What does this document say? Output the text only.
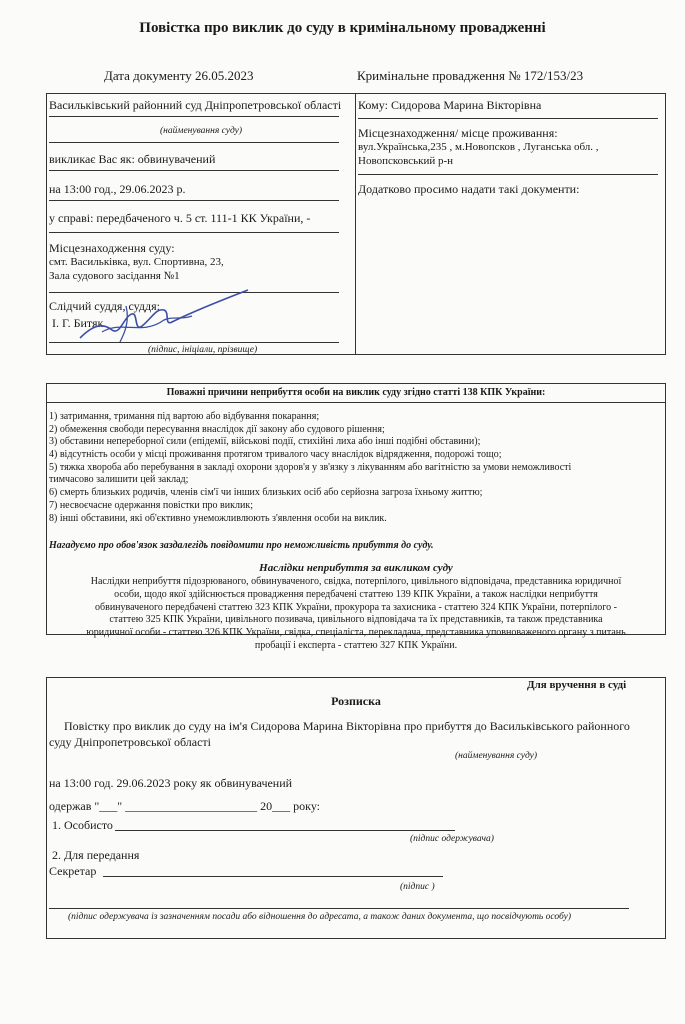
Повістка про виклик до суду в кримінальному провадженні
Дата документу 26.05.2023	Кримінальне провадження № 172/153/23
Васильківський районний суд Дніпропетровської області
(найменування суду)
викликає Вас як: обвинувачений
на 13:00 год., 29.06.2023 р.
у справі: передбаченого ч. 5 ст. 111-1 КК України, -
Місцезнаходження суду:
смт. Васильківка, вул. Спортивна, 23,
Зала судового засідання №1
Слідчий суддя, суддя:
І. Г. Битяк
(підпис, ініціали, прізвище)
Кому: Сидорова Марина Вікторівна
Місцезнаходження/ місце проживання:
вул.Українська,235 , м.Новопсков , Луганська обл. ,
Новопсковський р-н
Додатково просимо надати такі документи:
Поважні причини неприбуття особи на виклик суду згідно статті 138 КПК України:
1) затримання, тримання під вартою або відбування покарання;
2) обмеження свободи пересування внаслідок дії закону або судового рішення;
3) обставини непереборної сили (епідемії, військові події, стихійні лиха або інші подібні обставини);
4) відсутність особи у місці проживання протягом тривалого часу внаслідок відрядження, подорожі тощо;
5) тяжка хвороба або перебування в закладі охорони здоров'я у зв'язку з лікуванням або вагітністю за умови неможливості
тимчасово залишити цей заклад;
6) смерть близьких родичів, членів сім'ї чи інших близьких осіб або серйозна загроза їхньому життю;
7) несвоєчасне одержання повістки про виклик;
8) інші обставини, які об'єктивно унеможливлюють з'явлення особи на виклик.
Нагадуємо про обов'язок заздалегідь повідомити про неможливість прибуття до суду.
Наслідки неприбуття за викликом суду
Наслідки неприбуття підозрюваного, обвинуваченого, свідка, потерпілого, цивільного відповідача, представника юридичної
особи, щодо якої здійснюється провадження передбачені статтею 139 КПК України, а також наслідки неприбуття
обвинуваченого передбачені статтею 323 КПК України, прокурора та захисника - статтею 324 КПК України, потерпілого -
статтею 325 КПК України, цивільного позивача, цивільного відповідача та їх представників, та також представника
юридичної особи - статтею 326 КПК України, свідка, спеціаліста, перекладача, представника уповноваженого органу з питань
пробації і експерта - статтею 327 КПК України.
Для вручення в суді
Розписка
Повістку про виклик до суду на ім'я Сидорова Марина Вікторівна про прибуття до Васильківського районного
суду Дніпропетровської області
(найменування суду)
на 13:00 год. 29.06.2023 року як обвинувачений
одержав "___" ______________________ 20___ року:
1. Особисто
(підпис одержувача)
2. Для передання
Секретар
(підпис )
(підпис одержувача із зазначенням посади або відношення до адресата, а також даних документа, що посвідчують особу)
